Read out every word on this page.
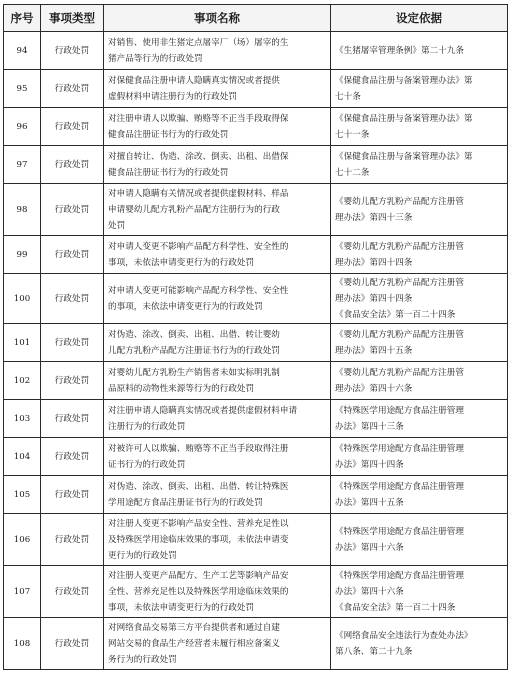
序号	事项类型	事项名称	设定依据
94	行政处罚	对销售、使用非生猪定点屠宰厂（场）屠宰的生
猪产品等行为的行政处罚	《生猪屠宰管理条例》第二十九条
95	行政处罚	对保健食品注册申请人隐瞒真实情况或者提供
虚假材料申请注册行为的行政处罚	《保健食品注册与备案管理办法》第
七十条
96	行政处罚	对注册申请人以欺骗、贿赂等不正当手段取得保
健食品注册证书行为的行政处罚	《保健食品注册与备案管理办法》第
七十一条
97	行政处罚	对擅自转让、伪造、涂改、倒卖、出租、出借保
健食品注册证书行为的行政处罚	《保健食品注册与备案管理办法》第
七十二条
98	行政处罚	对申请人隐瞒有关情况或者提供虚假材料、样品
申请婴幼儿配方乳粉产品配方注册行为的行政
处罚	《婴幼儿配方乳粉产品配方注册管
理办法》第四十三条
99	行政处罚	对申请人变更不影响产品配方科学性、安全性的
事项，未依法申请变更行为的行政处罚	《婴幼儿配方乳粉产品配方注册管
理办法》第四十四条
100	行政处罚	对申请人变更可能影响产品配方科学性、安全性
的事项，未依法申请变更行为的行政处罚	《婴幼儿配方乳粉产品配方注册管
理办法》第四十四条
《食品安全法》第一百二十四条
101	行政处罚	对伪造、涂改、倒卖、出租、出借、转让婴幼
儿配方乳粉产品配方注册证书行为的行政处罚	《婴幼儿配方乳粉产品配方注册管
理办法》第四十五条
102	行政处罚	对婴幼儿配方乳粉生产销售者未如实标明乳制
品原料的动物性来源等行为的行政处罚	《婴幼儿配方乳粉产品配方注册管
理办法》第四十六条
103	行政处罚	对注册申请人隐瞒真实情况或者提供虚假材料申请
注册行为的行政处罚	《特殊医学用途配方食品注册管理
办法》第四十三条
104	行政处罚	对被许可人以欺骗、贿赂等不正当手段取得注册
证书行为的行政处罚	《特殊医学用途配方食品注册管理
办法》第四十四条
105	行政处罚	对伪造、涂改、倒卖、出租、出借、转让特殊医
学用途配方食品注册证书行为的行政处罚	《特殊医学用途配方食品注册管理
办法》第四十五条
106	行政处罚	对注册人变更不影响产品安全性、营养充足性以
及特殊医学用途临床效果的事项，未依法申请变
更行为的行政处罚	《特殊医学用途配方食品注册管理
办法》第四十六条
107	行政处罚	对注册人变更产品配方、生产工艺等影响产品安
全性、营养充足性以及特殊医学用途临床效果的
事项，未依法申请变更行为的行政处罚	《特殊医学用途配方食品注册管理
办法》第四十六条
《食品安全法》第一百二十四条
108	行政处罚	对网络食品交易第三方平台提供者和通过自建
网站交易的食品生产经营者未履行相应备案义
务行为的行政处罚	《网络食品安全违法行为查处办法》
第八条、第二十九条
